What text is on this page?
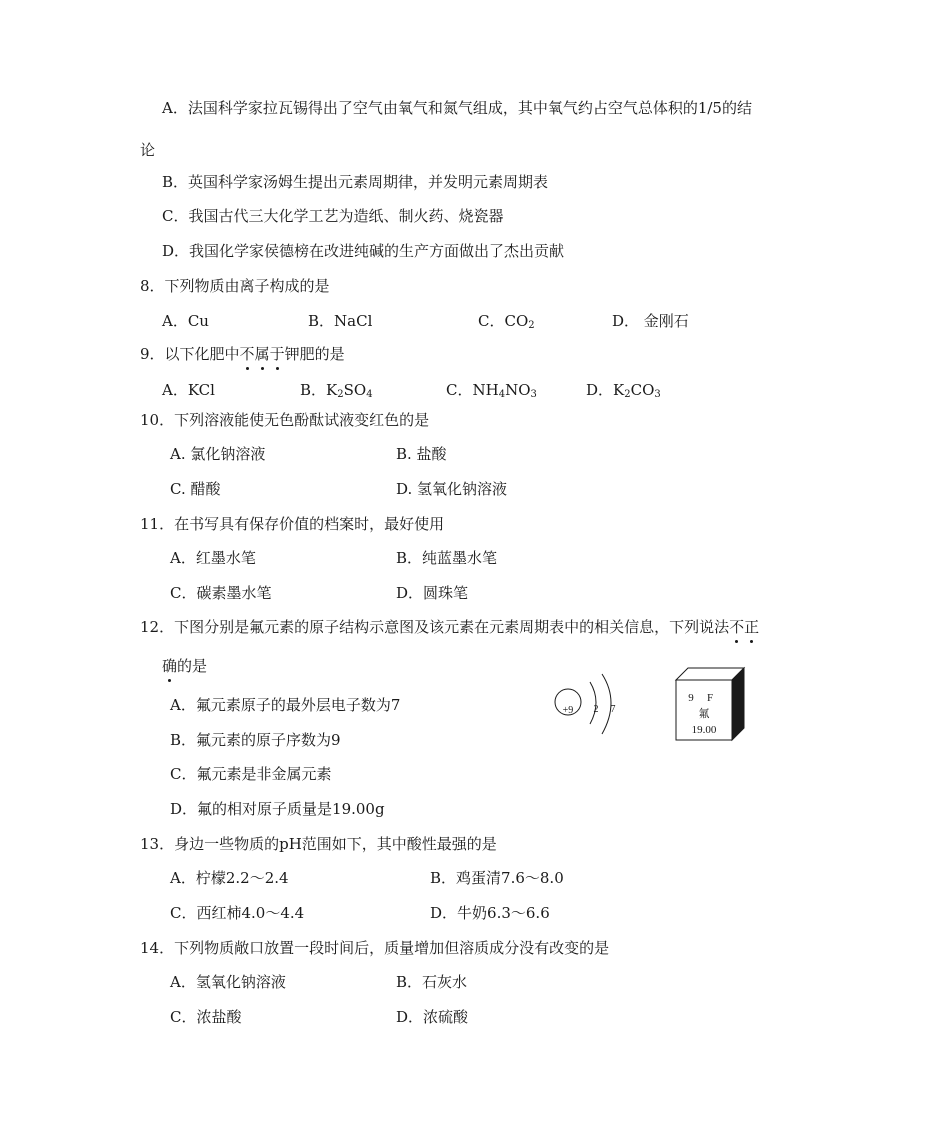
A．法国科学家拉瓦锡得出了空气由氧气和氮气组成，其中氧气约占空气总体积的1/5的结
论
B．英国科学家汤姆生提出元素周期律，并发明元素周期表
C．我国古代三大化学工艺为造纸、制火药、烧瓷器
D．我国化学家侯德榜在改进纯碱的生产方面做出了杰出贡献
8．下列物质由离子构成的是
A．Cu	B．NaCl	C．$CO_2$	D． 金刚石
9．以下化肥中不属于钾肥的是
A．KCl	B．$K_2SO_4$	C．$NH_4NO_3$	D．$K_2CO_3$
10．下列溶液能使无色酚酞试液变红色的是
A. 氯化钠溶液	B. 盐酸
C. 醋酸	D. 氢氧化钠溶液
11．在书写具有保存价值的档案时，最好使用
A．红墨水笔	B．纯蓝墨水笔
C．碳素墨水笔	D．圆珠笔
12．下图分别是氟元素的原子结构示意图及该元素在元素周期表中的相关信息，下列说法不正
确的是
A．氟元素原子的最外层电子数为7
B．氟元素的原子序数为9
C．氟元素是非金属元素
D．氟的相对原子质量是19.00g
+9 2 7
9 F
氟
19.00
13．身边一些物质的pH范围如下，其中酸性最强的是
A．柠檬2.2～2.4	B．鸡蛋清7.6～8.0
C．西红柿4.0～4.4	D．牛奶6.3～6.6
14．下列物质敞口放置一段时间后，质量增加但溶质成分没有改变的是
A．氢氧化钠溶液	B．石灰水
C．浓盐酸	D．浓硫酸
